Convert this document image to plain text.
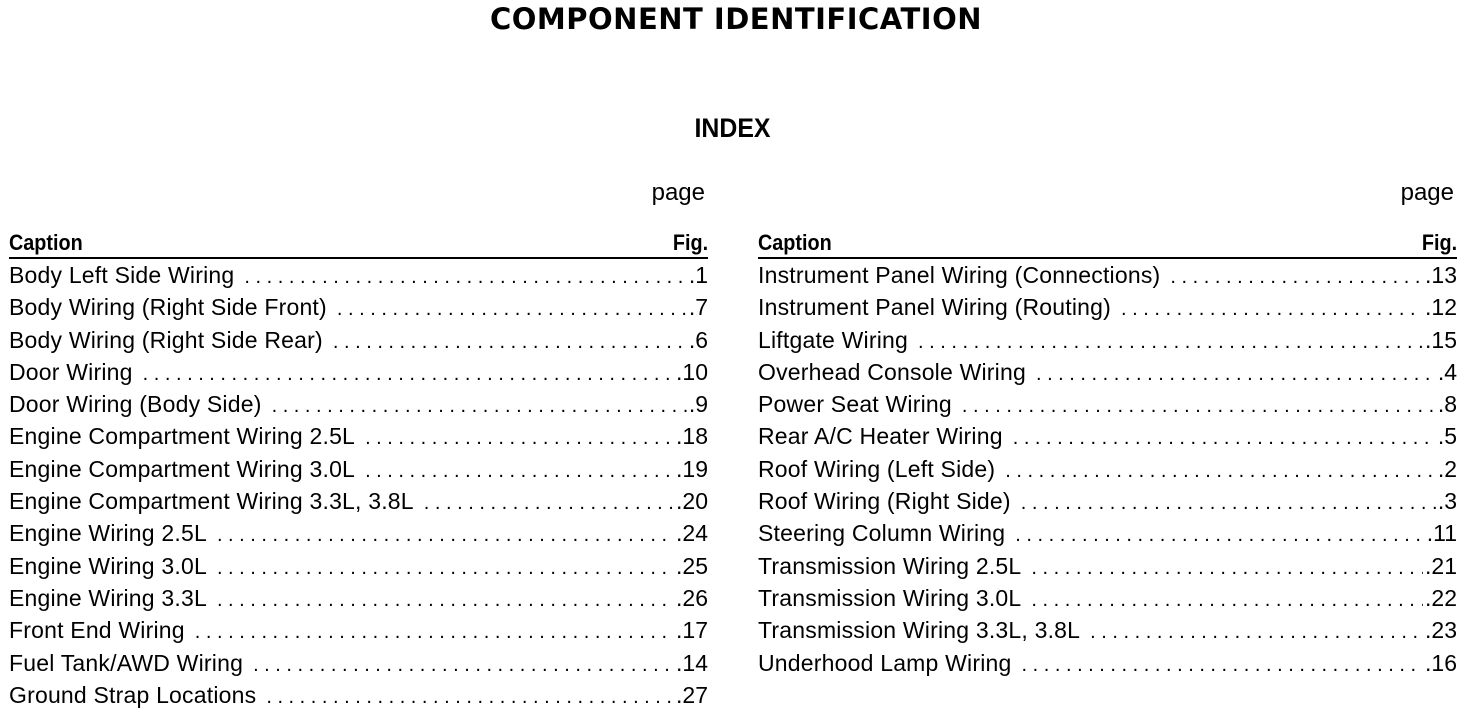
COMPONENT IDENTIFICATION
INDEX
page
Caption	Fig.
Body Left Side Wiring . . .	.1
Body Wiring (Right Side Front) . . .	.7
Body Wiring (Right Side Rear) . . .	.6
Door Wiring . . .	.10
Door Wiring (Body Side) . . .	.9
Engine Compartment Wiring 2.5L . . .	.18
Engine Compartment Wiring 3.0L . . .	.19
Engine Compartment Wiring 3.3L, 3.8L . . .	.20
Engine Wiring 2.5L . . .	.24
Engine Wiring 3.0L . . .	.25
Engine Wiring 3.3L . . .	.26
Front End Wiring . . .	.17
Fuel Tank/AWD Wiring . . .	.14
Ground Strap Locations . . .	.27
page
Caption	Fig.
Instrument Panel Wiring (Connections) . . .	.13
Instrument Panel Wiring (Routing) . . .	.12
Liftgate Wiring . . .	.15
Overhead Console Wiring . . .	.4
Power Seat Wiring . . .	.8
Rear A/C Heater Wiring . . .	.5
Roof Wiring (Left Side) . . .	.2
Roof Wiring (Right Side) . . .	.3
Steering Column Wiring . . .	.11
Transmission Wiring 2.5L . . .	.21
Transmission Wiring 3.0L . . .	.22
Transmission Wiring 3.3L, 3.8L . . .	.23
Underhood Lamp Wiring . . .	.16
